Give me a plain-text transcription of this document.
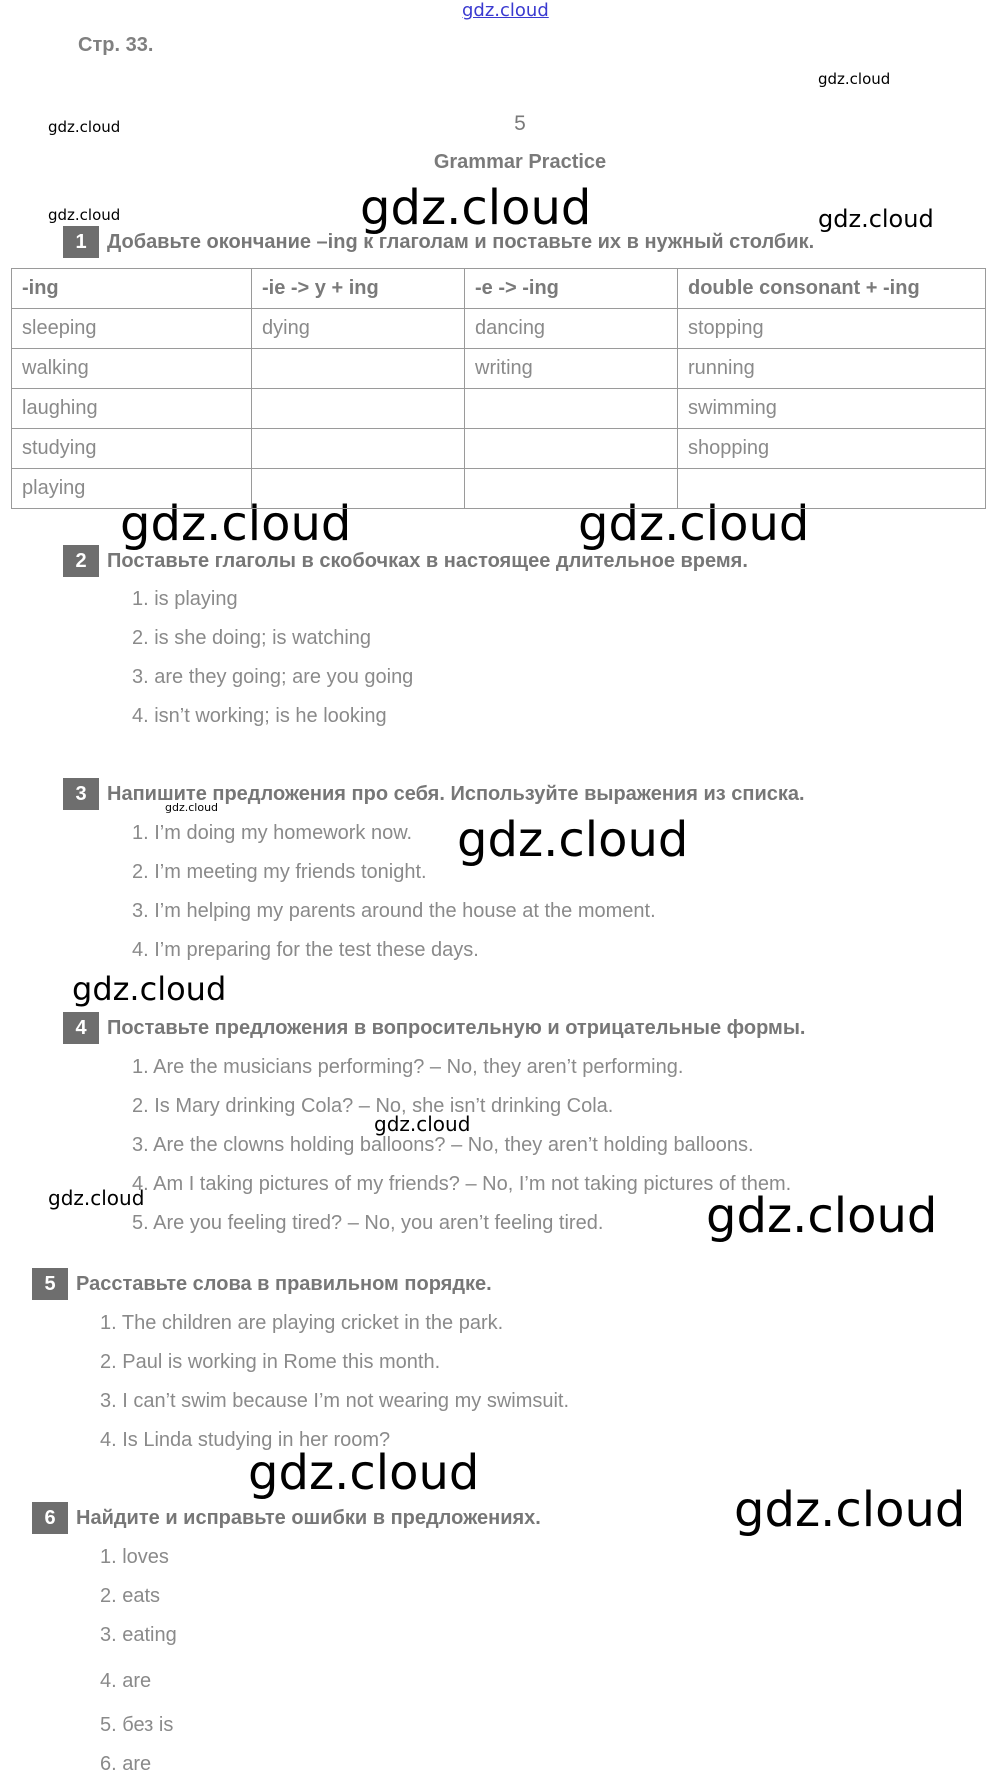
gdz.cloud
gdz.cloud
gdz.cloud
gdz.cloud	gdz.cloud	gdz.cloud
gdz.cloud	gdz.cloud
gdz.cloud
gdz.cloud
gdz.cloud
gdz.cloud
gdz.cloud	gdz.cloud
gdz.cloud
gdz.cloud
Стр. 33.
5
Grammar Practice
1	Добавьте окончание –ing к глаголам и поставьте их в нужный столбик.
-ing	-ie -> y + ing	-e -> -ing	double consonant + -ing
sleeping	dying	dancing	stopping
walking		writing	running
laughing			swimming
studying			shopping
playing			
2	Поставьте глаголы в скобочках в настоящее длительное время.
1. is playing
2. is she doing; is watching
3. are they going; are you going
4. isn’t working; is he looking
3	Напишите предложения про себя. Используйте выражения из списка.
1. I’m doing my homework now.
2. I’m meeting my friends tonight.
3. I’m helping my parents around the house at the moment.
4. I’m preparing for the test these days.
4	Поставьте предложения в вопросительную и отрицательные формы.
1. Are the musicians performing? – No, they aren’t performing.
2. Is Mary drinking Cola? – No, she isn’t drinking Cola.
3. Are the clowns holding balloons? – No, they aren’t holding balloons.
4. Am I taking pictures of my friends? – No, I’m not taking pictures of them.
5. Are you feeling tired? – No, you aren’t feeling tired.
5	Расставьте слова в правильном порядке.
1. The children are playing cricket in the park.
2. Paul is working in Rome this month.
3. I can’t swim because I’m not wearing my swimsuit.
4. Is Linda studying in her room?
6	Найдите и исправьте ошибки в предложениях.
1. loves
2. eats
3. eating
4. are
5. без is
6. are
